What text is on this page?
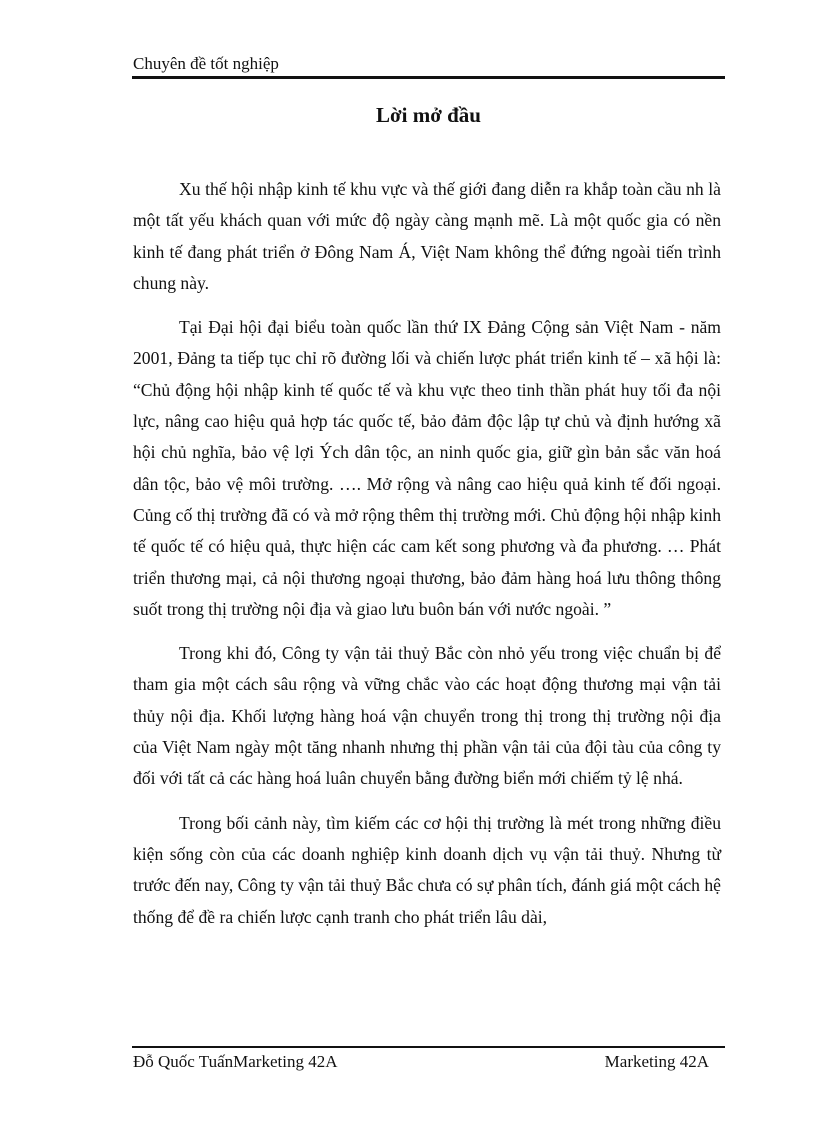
Chuyên đề tốt nghiệp
Lời mở đầu

Xu thế hội nhập kinh tế khu vực và thế giới đang diễn ra khắp toàn cầu nh là một tất yếu khách quan với mức độ ngày càng mạnh mẽ. Là một quốc gia có nền kinh tế đang phát triển ở Đông Nam Á, Việt Nam không thể đứng ngoài tiến trình chung này.

Tại Đại hội đại biểu toàn quốc lần thứ IX Đảng Cộng sản Việt Nam - năm 2001, Đảng ta tiếp tục chỉ rõ đường lối và chiến lược phát triển kinh tế – xã hội là: “Chủ động hội nhập kinh tế quốc tế và khu vực theo tinh thần phát huy tối đa nội lực, nâng cao hiệu quả hợp tác quốc tế, bảo đảm độc lập tự chủ và định hướng xã hội chủ nghĩa, bảo vệ lợi Ých dân tộc, an ninh quốc gia, giữ gìn bản sắc văn hoá dân tộc, bảo vệ môi trường. …. Mở rộng và nâng cao hiệu quả kinh tế đối ngoại. Củng cố thị trường đã có và mở rộng thêm thị trường mới. Chủ động hội nhập kinh tế quốc tế có hiệu quả, thực hiện các cam kết song phương và đa phương. … Phát triển thương mại, cả nội thương ngoại thương, bảo đảm hàng hoá lưu thông thông suốt trong thị trường nội địa và giao lưu buôn bán với nước ngoài. ”

Trong khi đó, Công ty vận tải thuỷ Bắc còn nhỏ yếu trong việc chuẩn bị để tham gia một cách sâu rộng và vững chắc vào các hoạt động thương mại vận tải thủy nội địa. Khối lượng hàng hoá vận chuyển trong thị trong thị trường nội địa của Việt Nam ngày một tăng nhanh nhưng thị phần vận tải của đội tàu của công ty đối với tất cả các hàng hoá luân chuyển bằng đường biển mới chiếm tỷ lệ nhá.

Trong bối cảnh này, tìm kiếm các cơ hội thị trường là mét trong những điều kiện sống còn của các doanh nghiệp kinh doanh dịch vụ vận tải thuỷ. Nhưng từ trước đến nay, Công ty vận tải thuỷ Bắc chưa có sự phân tích, đánh giá một cách hệ thống để đề ra chiến lược cạnh tranh cho phát triển lâu dài,

Đỗ Quốc TuấnMarketing 42A	Marketing 42A
